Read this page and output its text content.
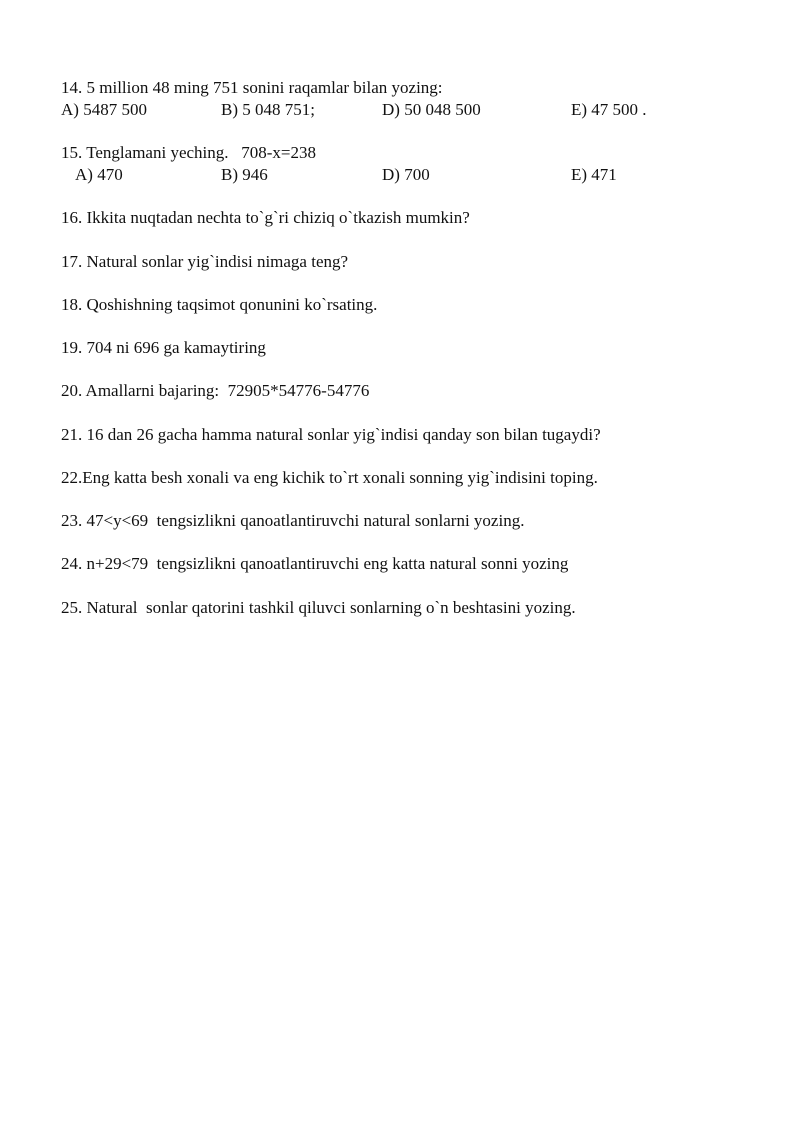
14. 5 million 48 ming 751 sonini raqamlar bilan yozing:
A) 5487 500	B) 5 048 751;	D) 50 048 500	E) 47 500 .
15. Tenglamani yeching.   708-x=238
A) 470	B) 946	D) 700	E) 471
16. Ikkita nuqtadan nechta to`g`ri chiziq o`tkazish mumkin?
17. Natural sonlar yig`indisi nimaga teng?
18. Qoshishning taqsimot qonunini ko`rsating.
19. 704 ni 696 ga kamaytiring
20. Amallarni bajaring:  72905*54776-54776
21. 16 dan 26 gacha hamma natural sonlar yig`indisi qanday son bilan tugaydi?
22.Eng katta besh xonali va eng kichik to`rt xonali sonning yig`indisini toping.
23. 47<y<69  tengsizlikni qanoatlantiruvchi natural sonlarni yozing.
24. n+29<79  tengsizlikni qanoatlantiruvchi eng katta natural sonni yozing
25. Natural  sonlar qatorini tashkil qiluvci sonlarning o`n beshtasini yozing.
